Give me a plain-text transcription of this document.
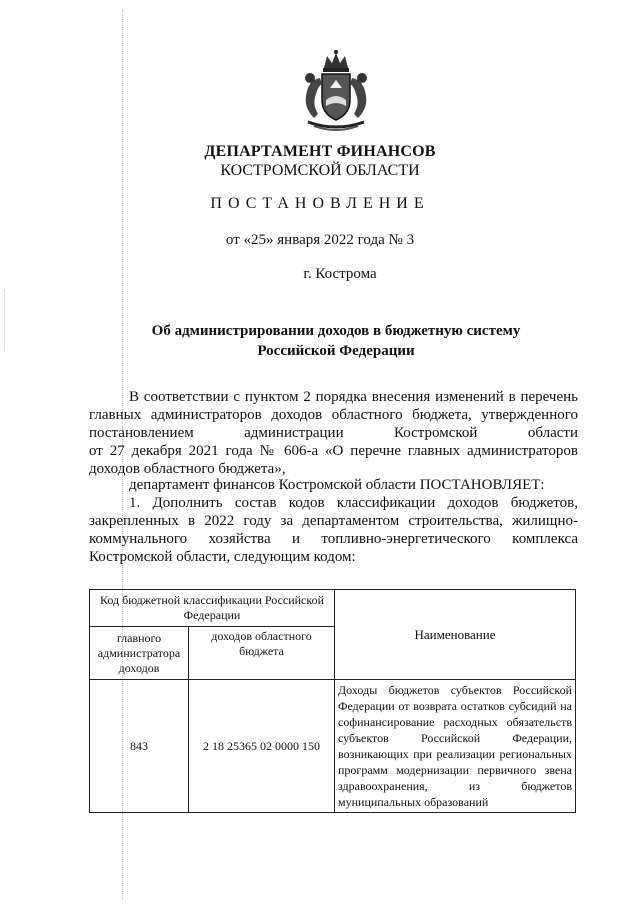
ДЕПАРТАМЕНТ ФИНАНСОВ
КОСТРОМСКОЙ ОБЛАСТИ
ПОСТАНОВЛЕНИЕ
от «25» января 2022 года № 3
г. Кострома
Об администрировании доходов в бюджетную систему
Российской Федерации
В соответствии с пунктом 2 порядка внесения изменений в перечень
главных администраторов доходов областного бюджета, утвержденного
постановлением администрации Костромской области
от 27 декабря 2021 года № 606-а «О перечне главных администраторов
доходов областного бюджета»,
департамент финансов Костромской области ПОСТАНОВЛЯЕТ:
1. Дополнить состав кодов классификации доходов бюджетов,
закрепленных в 2022 году за департаментом строительства, жилищно-
коммунального хозяйства и топливно-энергетического комплекса
Костромской области, следующим кодом:
Код бюджетной классификации Российской Федерации		Наименование
главного администратора доходов	доходов областного бюджета	
843	2 18 25365 02 0000 150	Доходы бюджетов субъектов Российской Федерации от возврата остатков субсидий на софинансирование расходных обязательств субъектов Российской Федерации, возникающих при реализации региональных программ модернизации первичного звена здравоохранения, из бюджетов муниципальных образований
